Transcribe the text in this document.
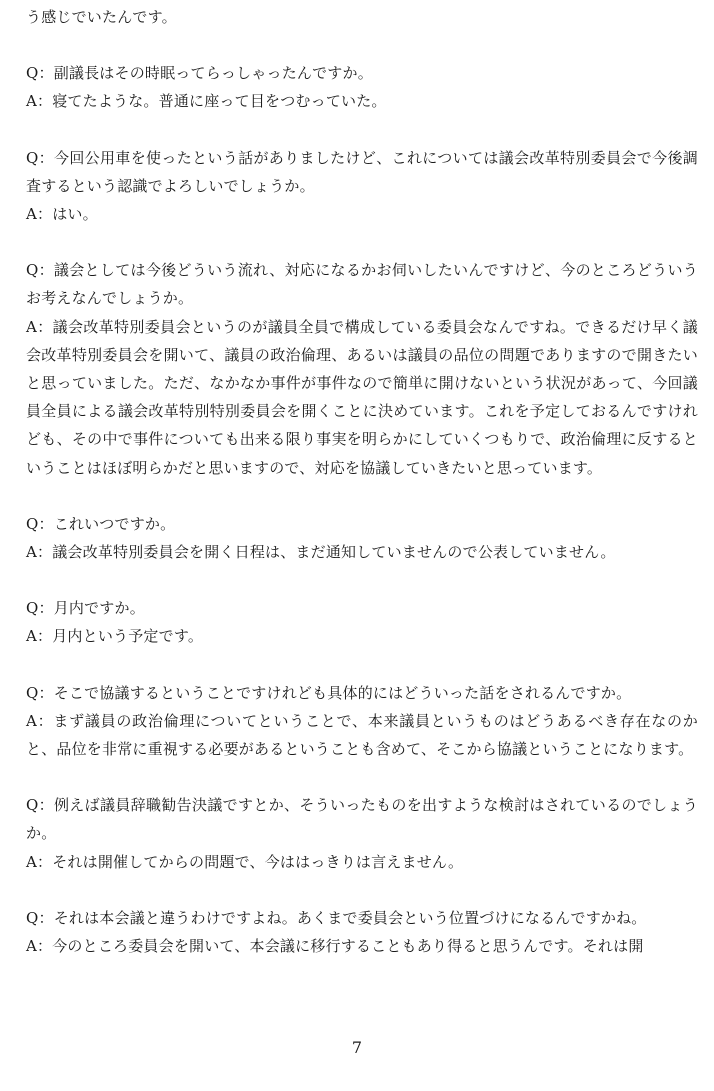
う感じでいたんです。

Q：副議長はその時眠ってらっしゃったんですか。

A：寝てたような。普通に座って目をつむっていた。

Q：今回公用車を使ったという話がありましたけど、これについては議会改革特別委員会で今後調査するという認識でよろしいでしょうか。

A：はい。

Q：議会としては今後どういう流れ、対応になるかお伺いしたいんですけど、今のところどういうお考えなんでしょうか。

A：議会改革特別委員会というのが議員全員で構成している委員会なんですね。できるだけ早く議会改革特別委員会を開いて、議員の政治倫理、あるいは議員の品位の問題でありますので開きたいと思っていました。ただ、なかなか事件が事件なので簡単に開けないという状況があって、今回議員全員による議会改革特別特別委員会を開くことに決めています。これを予定しておるんですけれども、その中で事件についても出来る限り事実を明らかにしていくつもりで、政治倫理に反するということはほぼ明らかだと思いますので、対応を協議していきたいと思っています。

Q：これいつですか。

A：議会改革特別委員会を開く日程は、まだ通知していませんので公表していません。

Q：月内ですか。

A：月内という予定です。

Q：そこで協議するということですけれども具体的にはどういった話をされるんですか。

A：まず議員の政治倫理についてということで、本来議員というものはどうあるべき存在なのかと、品位を非常に重視する必要があるということも含めて、そこから協議ということになります。

Q：例えば議員辞職勧告決議ですとか、そういったものを出すような検討はされているのでしょうか。

A：それは開催してからの問題で、今ははっきりは言えません。

Q：それは本会議と違うわけですよね。あくまで委員会という位置づけになるんですかね。

A：今のところ委員会を開いて、本会議に移行することもあり得ると思うんです。それは開

7
